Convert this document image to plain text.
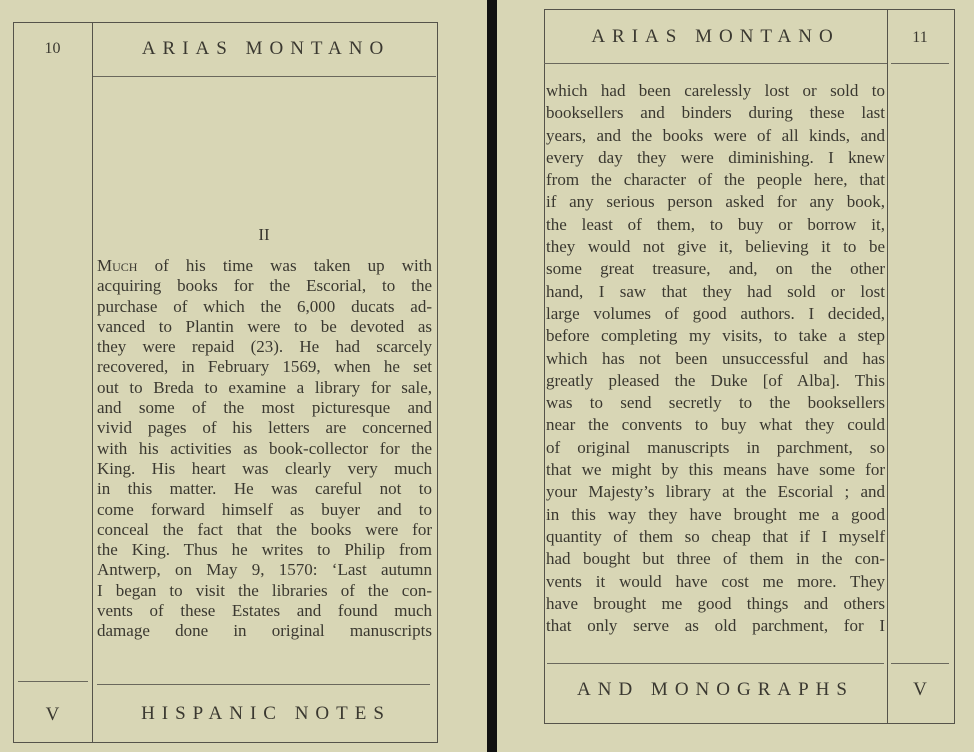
10	ARIAS MONTANO
II
Much of his time was taken up with
acquiring books for the Escorial, to the
purchase of which the 6,000 ducats ad-
vanced to Plantin were to be devoted as
they were repaid (23). He had scarcely
recovered, in February 1569, when he set
out to Breda to examine a library for sale,
and some of the most picturesque and
vivid pages of his letters are concerned
with his activities as book-collector for the
King. His heart was clearly very much
in this matter. He was careful not to
come forward himself as buyer and to
conceal the fact that the books were for
the King. Thus he writes to Philip from
Antwerp, on May 9, 1570: ‘Last autumn
I began to visit the libraries of the con-
vents of these Estates and found much
damage done in original manuscripts
V	HISPANIC NOTES
ARIAS MONTANO	11
which had been carelessly lost or sold to
booksellers and binders during these last
years, and the books were of all kinds, and
every day they were diminishing. I knew
from the character of the people here, that
if any serious person asked for any book,
the least of them, to buy or borrow it,
they would not give it, believing it to be
some great treasure, and, on the other
hand, I saw that they had sold or lost
large volumes of good authors. I decided,
before completing my visits, to take a step
which has not been unsuccessful and has
greatly pleased the Duke [of Alba]. This
was to send secretly to the booksellers
near the convents to buy what they could
of original manuscripts in parchment, so
that we might by this means have some for
your Majesty’s library at the Escorial ; and
in this way they have brought me a good
quantity of them so cheap that if I myself
had bought but three of them in the con-
vents it would have cost me more. They
have brought me good things and others
that only serve as old parchment, for I
AND MONOGRAPHS	V
